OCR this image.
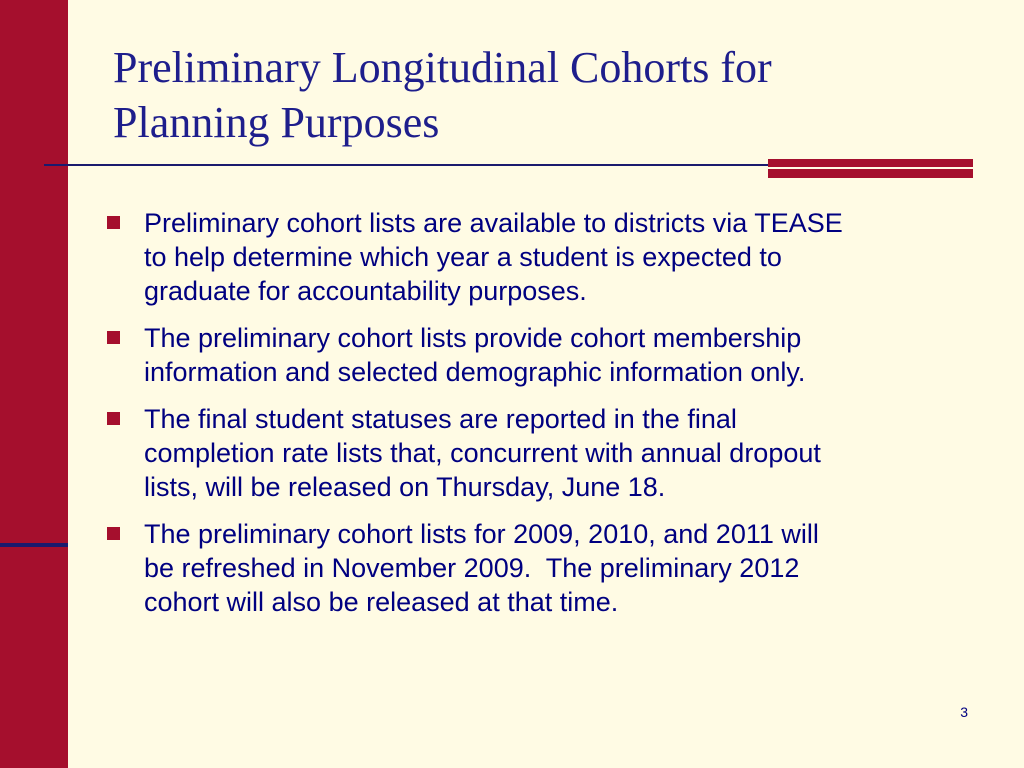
Preliminary Longitudinal Cohorts for
Planning Purposes
Preliminary cohort lists are available to districts via TEASE
to help determine which year a student is expected to
graduate for accountability purposes.
The preliminary cohort lists provide cohort membership
information and selected demographic information only.
The final student statuses are reported in the final
completion rate lists that, concurrent with annual dropout
lists, will be released on Thursday, June 18.
The preliminary cohort lists for 2009, 2010, and 2011 will
be refreshed in November 2009.  The preliminary 2012
cohort will also be released at that time.
3
